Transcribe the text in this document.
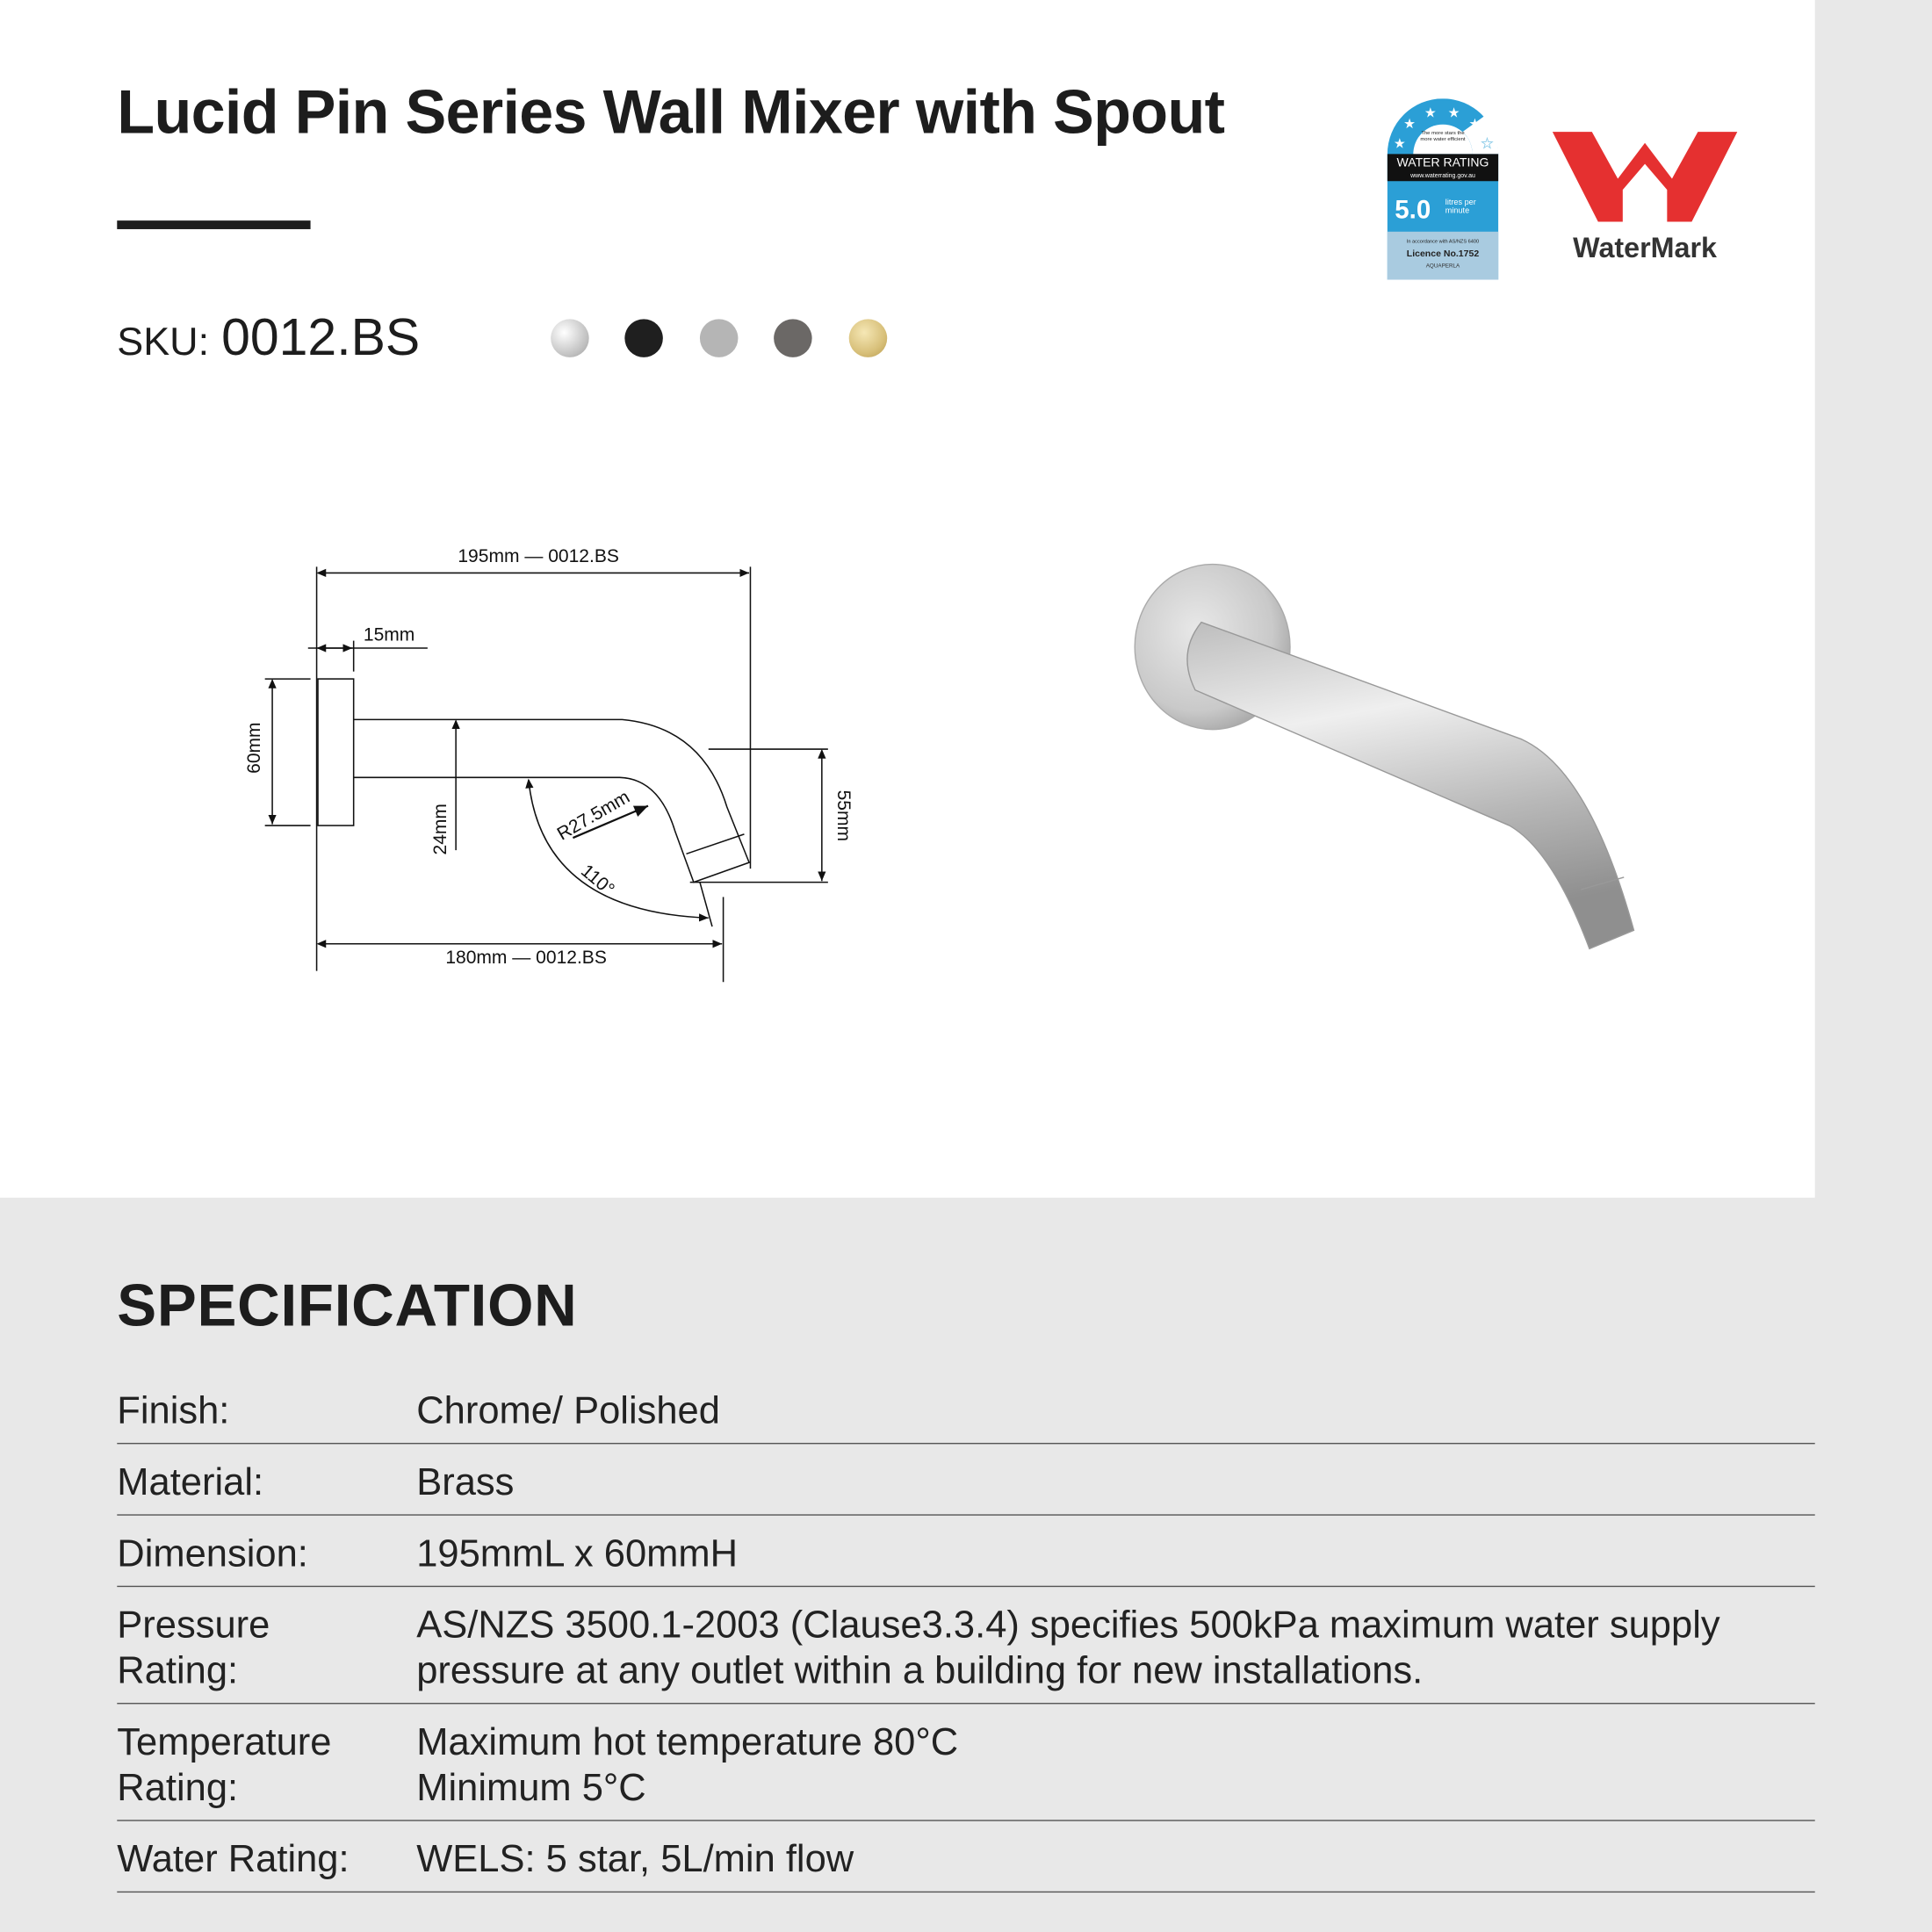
Lucid Pin Series Wall Mixer with Spout
SKU: 0012.BS
★
★
★ ★
★
★
The more stars the more water efficient
WATER RATING
www.waterrating.gov.au
5.0	litres per minute
In accordance with AS/NZS 6400
Licence No.1752
AQUAPERLA
WaterMark
195mm — 0012.BS
15mm
60mm
24mm	R27.5mm
110°
55mm
180mm — 0012.BS
SPECIFICATION
Finish:	Chrome/ Polished
Material:	Brass
Dimension:	195mmL x 60mmH
Pressure Rating:
AS/NZS 3500.1-2003 (Clause3.3.4) specifies 500kPa maximum water supply pressure at any outlet within a building for new installations.
Temperature Rating:
Maximum hot temperature 80°C Minimum 5°C
Water Rating:	WELS: 5 star, 5L/min flow
